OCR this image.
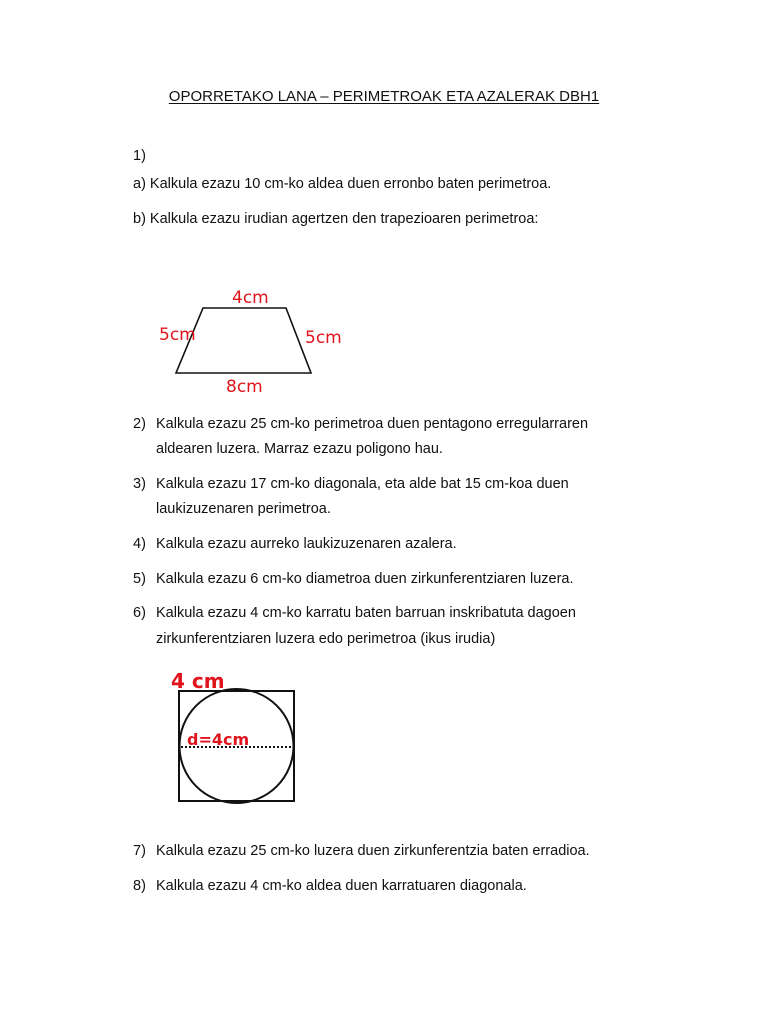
OPORRETAKO LANA – PERIMETROAK ETA AZALERAK DBH1
1)
a) Kalkula ezazu 10 cm-ko aldea duen erronbo baten perimetroa.
b) Kalkula ezazu irudian agertzen den trapezioaren perimetroa:
4cm
5cm	5cm
8cm
4 cm
d=4cm
2) Kalkula ezazu 25 cm-ko perimetroa duen pentagono erregularraren
aldearen luzera. Marraz ezazu poligono hau.
3) Kalkula ezazu 17 cm-ko diagonala, eta alde bat 15 cm-koa duen
laukizuzenaren perimetroa.
4) Kalkula ezazu aurreko laukizuzenaren azalera.
5) Kalkula ezazu 6 cm-ko diametroa duen zirkunferentziaren luzera.
6) Kalkula ezazu 4 cm-ko karratu baten barruan inskribatuta dagoen
zirkunferentziaren luzera edo perimetroa (ikus irudia)
7) Kalkula ezazu 25 cm-ko luzera duen zirkunferentzia baten erradioa.
8) Kalkula ezazu 4 cm-ko aldea duen karratuaren diagonala.
